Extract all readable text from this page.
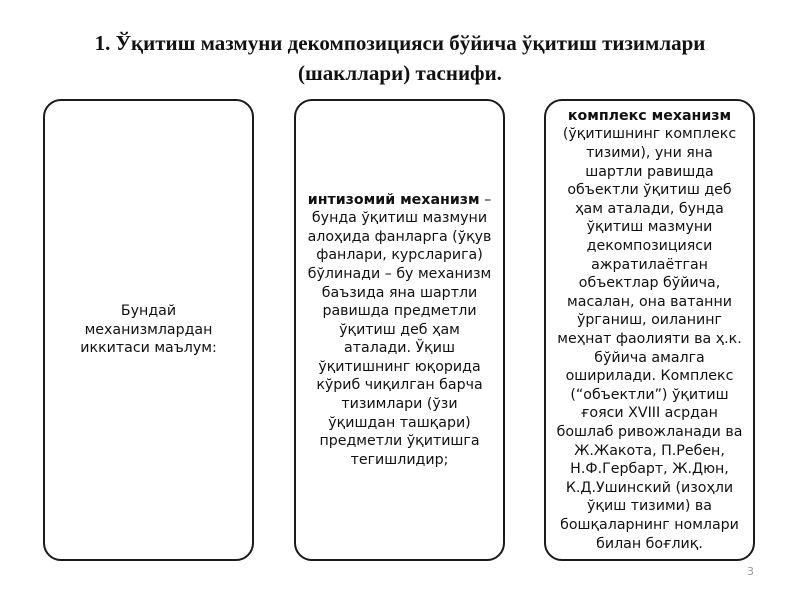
1. Ўқитиш мазмуни декомпозицияси бўйича ўқитиш тизимлари
(шакллари) таснифи.
Бундай механизмлардан иккитаси маълум:
интизомий механизм – бунда ўқитиш мазмуни алоҳида фанларга (ўқув фанлари, курсларига) бўлинади – бу механизм баъзида яна шартли равишда предметли ўқитиш деб ҳам аталади. Ўқиш ўқитишнинг юқорида кўриб чиқилган барча тизимлари (ўзи ўқишдан ташқари) предметли ўқитишга тегишлидир;
комплекс механизм (ўқитишнинг комплекс тизими), уни яна шартли равишда объектли ўқитиш деб ҳам аталади, бунда ўқитиш мазмуни декомпозицияси ажратилаётган объектлар бўйича, масалан, она ватанни ўрганиш, оиланинг меҳнат фаолияти ва ҳ.к. бўйича амалга оширилади. Комплекс (“объектли”) ўқитиш ғояси XVIII асрдан бошлаб ривожланади ва Ж.Жакота, П.Ребен, Н.Ф.Гербарт, Ж.Дюн, К.Д.Ушинский (изоҳли ўқиш тизими) ва бошқаларнинг номлари билан боғлиқ.
3
